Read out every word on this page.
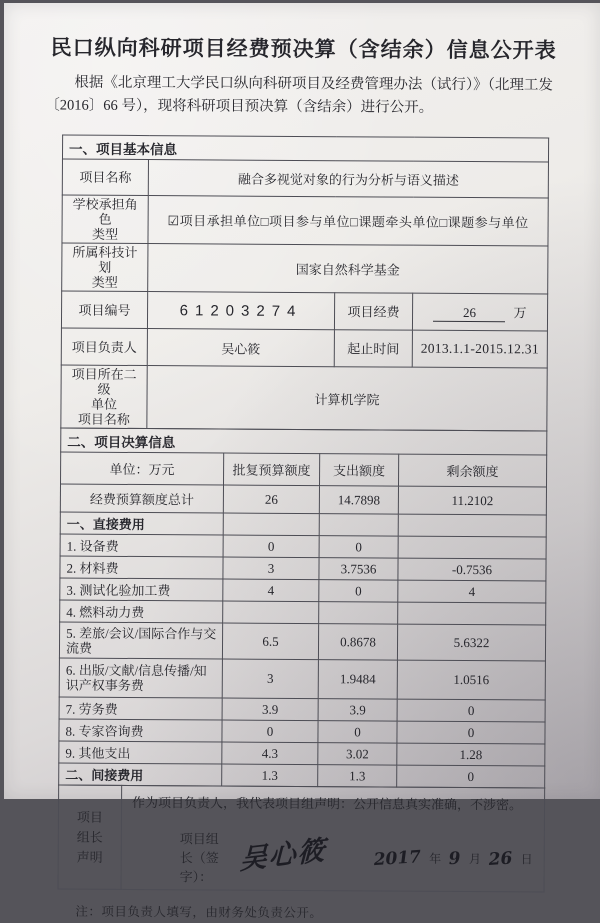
民口纵向科研项目经费预决算（含结余）信息公开表
根据《北京理工大学民口纵向科研项目及经费管理办法（试行）》（北理工发
〔2016〕66 号），现将科研项目预决算（含结余）进行公开。
一、项目基本信息			
项目名称	融合多视觉对象的行为分析与语义描述		

学校承担角色
类型	☑项目承担单位□项目参与单位□课题牵头单位□课题参与单位		

所属科技计划
类型	国家自然科学基金		
项目编号	61203274	项目经费	26 万
项目负责人	吴心筱	起止时间	2013.1.1-2015.12.31

项目所在二级
单位
项目名称	计算机学院		
二、项目决算信息			
单位：万元	批复预算额度	支出额度	剩余额度
经费预算额度总计	26	14.7898	11.2102
一、直接费用			
1. 设备费	0	0	
2. 材料费	3	3.7536	-0.7536
3. 测试化验加工费	4	0	4
4. 燃料动力费			
5. 差旅/会议/国际合作与交流费	6.5	0.8678	5.6322
6. 出版/文献/信息传播/知识产权事务费	3	1.9484	1.0516
7. 劳务费	3.9	3.9	0
8. 专家咨询费	0	0	0
9. 其他支出	4.3	3.02	1.28
二、间接费用	1.3	1.3	0
项目
组长
声明

作为项目负责人，我代表项目组声明：公开信息真实准确，不涉密。
项目组长（签字）：
吴心筱	2017 年 9 月 26 日
注：项目负责人填写，由财务处负责公开。
